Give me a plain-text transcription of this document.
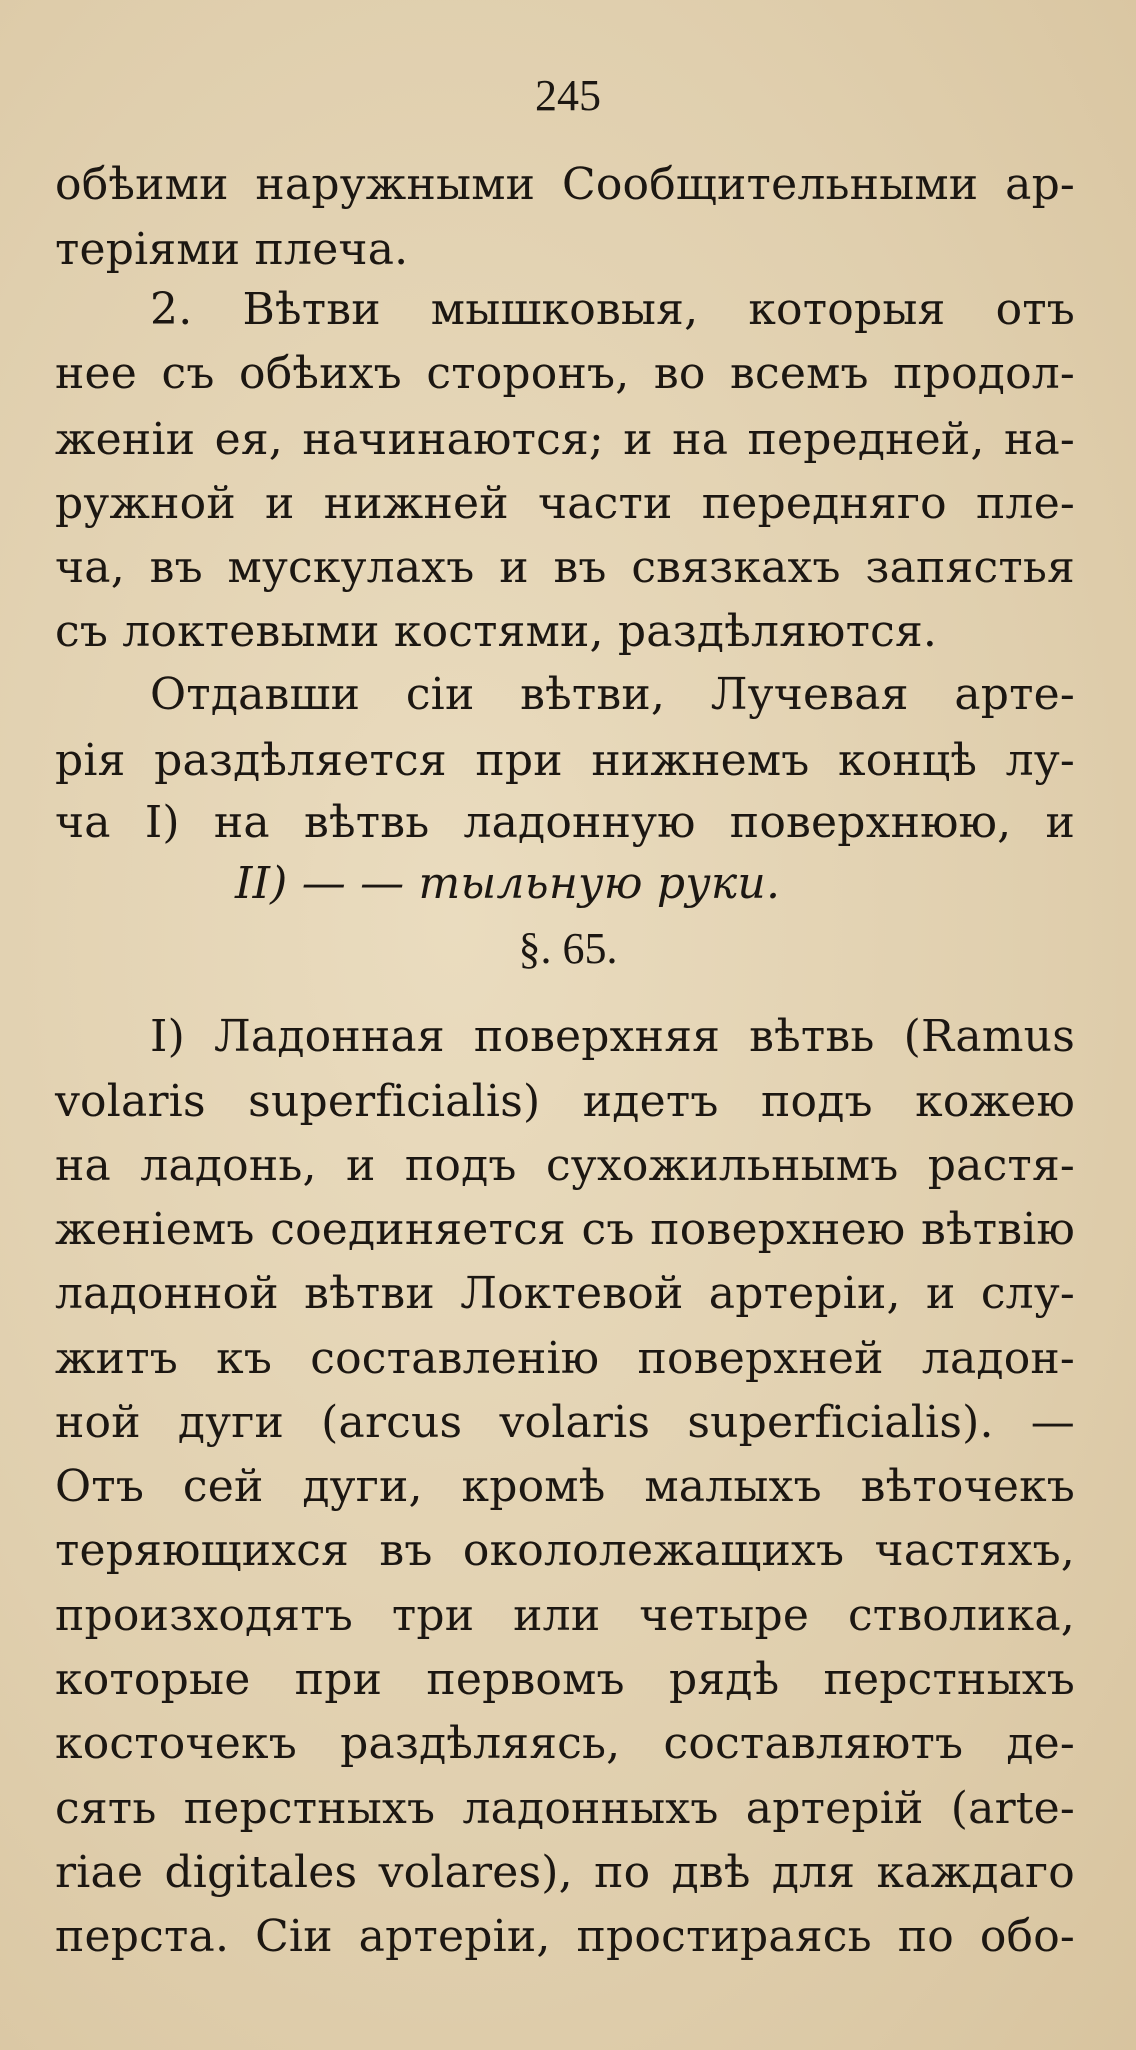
245
обѣими наружными Сообщительными ар-
теріями плеча.
2. Вѣтви мышковыя, которыя отъ
нее съ обѣихъ сторонъ, во всемъ продол-
женіи ея, начинаются; и на передней, на-
ружной и нижней части передняго пле-
ча, въ мускулахъ и въ связкахъ запястья
съ локтевыми костями, раздѣляются.
Отдавши сіи вѣтви, Лучевая арте-
рія раздѣляется при нижнемъ концѣ лу-
ча I) на вѣтвь ладонную поверхнюю, и
II) — — тыльную руки.
§. 65.
I) Ладонная поверхняя вѣтвь (Ramus
volaris superficialis) идетъ подъ кожею
на ладонь, и подъ сухожильнымъ растя-
женіемъ соединяется съ поверхнею вѣтвію
ладонной вѣтви Локтевой артеріи, и слу-
житъ къ составленію поверхней ладон-
ной дуги (arcus volaris superficialis). —
Отъ сей дуги, кромѣ малыхъ вѣточекъ
теряющихся въ окололежащихъ частяхъ,
произходятъ три или четыре стволика,
которые при первомъ рядѣ перстныхъ
косточекъ раздѣляясь, составляютъ де-
сять перстныхъ ладонныхъ артерій (arte-
riae digitales volares), по двѣ для каждаго
перста. Сіи артеріи, простираясь по обо-
